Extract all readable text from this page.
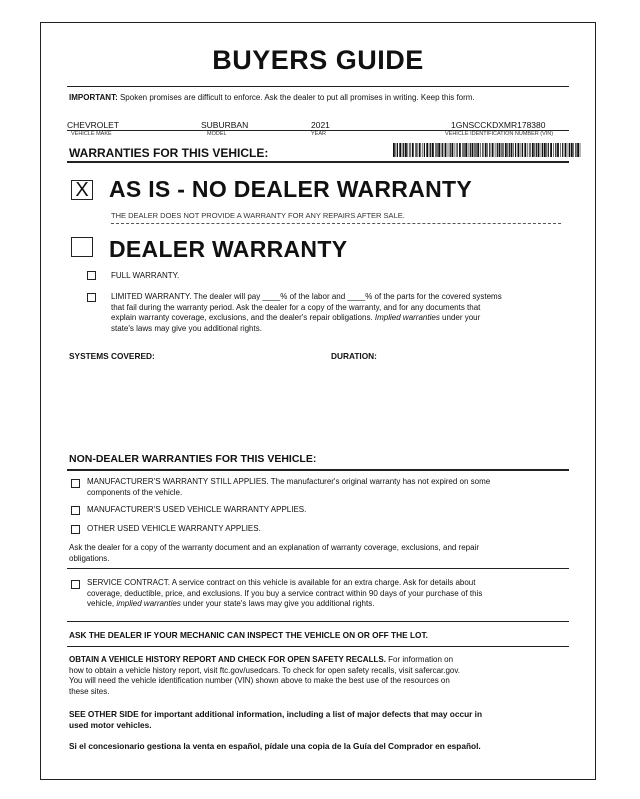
BUYERS GUIDE
IMPORTANT: Spoken promises are difficult to enforce. Ask the dealer to put all promises in writing. Keep this form.
CHEVROLET	SUBURBAN	2021	1GNSCCKDXMR178380
VEHICLE MAKE	MODEL	YEAR	VEHICLE IDENTIFICATION NUMBER (VIN)
WARRANTIES FOR THIS VEHICLE:
X AS IS - NO DEALER WARRANTY
THE DEALER DOES NOT PROVIDE A WARRANTY FOR ANY REPAIRS AFTER SALE.
DEALER WARRANTY
FULL WARRANTY.
LIMITED WARRANTY. The dealer will pay ____% of the labor and ____% of the parts for the covered systems
that fail during the warranty period. Ask the dealer for a copy of the warranty, and for any documents that
explain warranty coverage, exclusions, and the dealer's repair obligations. Implied warranties under your
state's laws may give you additional rights.
SYSTEMS COVERED:	DURATION:
NON-DEALER WARRANTIES FOR THIS VEHICLE:
MANUFACTURER'S WARRANTY STILL APPLIES. The manufacturer's original warranty has not expired on some
components of the vehicle.
MANUFACTURER'S USED VEHICLE WARRANTY APPLIES.
OTHER USED VEHICLE WARRANTY APPLIES.
Ask the dealer for a copy of the warranty document and an explanation of warranty coverage, exclusions, and repair
obligations.
SERVICE CONTRACT. A service contract on this vehicle is available for an extra charge. Ask for details about
coverage, deductible, price, and exclusions. If you buy a service contract within 90 days of your purchase of this
vehicle, implied warranties under your state's laws may give you additional rights.
ASK THE DEALER IF YOUR MECHANIC CAN INSPECT THE VEHICLE ON OR OFF THE LOT.
OBTAIN A VEHICLE HISTORY REPORT AND CHECK FOR OPEN SAFETY RECALLS. For information on
how to obtain a vehicle history report, visit ftc.gov/usedcars. To check for open safety recalls, visit safercar.gov.
You will need the vehicle identification number (VIN) shown above to make the best use of the resources on
these sites.
SEE OTHER SIDE for important additional information, including a list of major defects that may occur in
used motor vehicles.
Si el concesionario gestiona la venta en español, pídale una copia de la Guía del Comprador en español.
